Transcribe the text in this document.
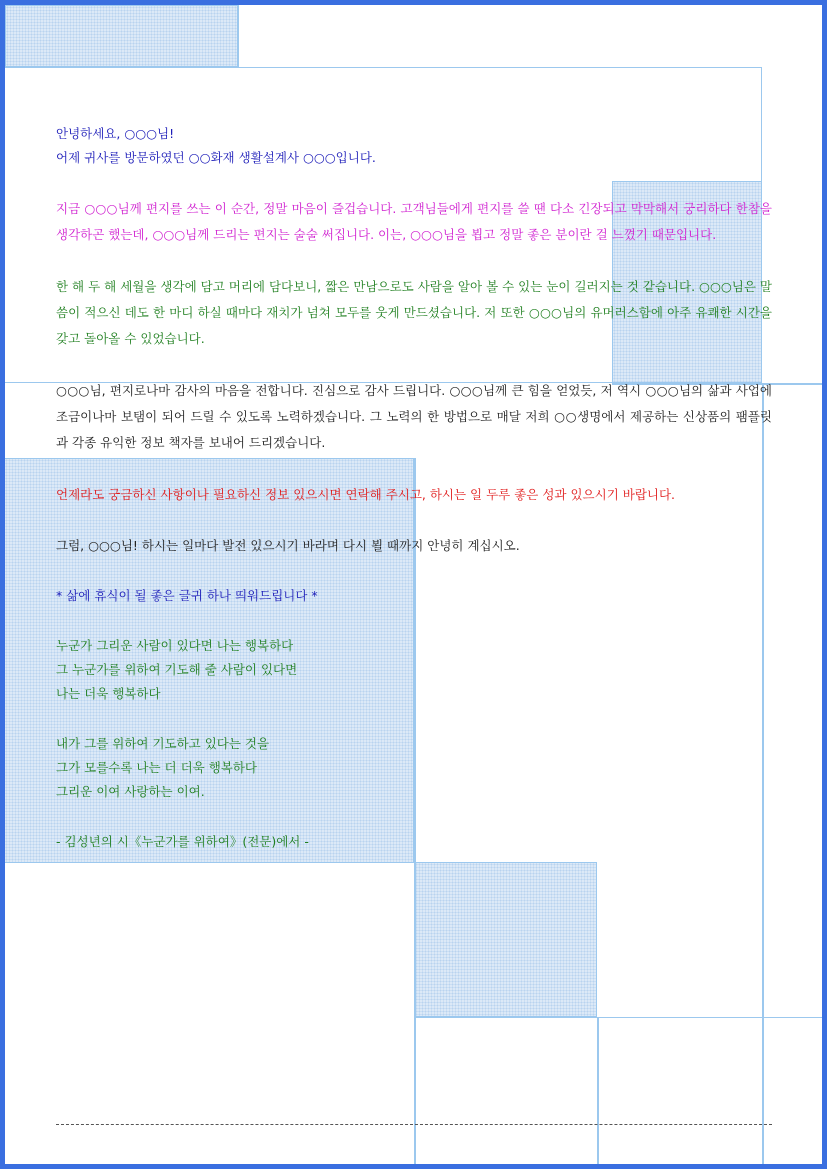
안녕하세요, ○○○님!
어제 귀사를 방문하였던 ○○화재 생활설계사 ○○○입니다.
지금 ○○○님께 편지를 쓰는 이 순간, 정말 마음이 즐겁습니다. 고객님들에게 편지를 쓸 땐 다소 긴장되고 막막해서 궁리하다 한참을 생각하곤 했는데, ○○○님께 드리는 편지는 술술 써집니다. 이는, ○○○님을 뵙고 정말 좋은 분이란 걸 느꼈기 때문입니다.
한 해 두 해 세월을 생각에 담고 머리에 담다보니, 짧은 만남으로도 사람을 알아 볼 수 있는 눈이 길러지는 것 같습니다. ○○○님은 말씀이 적으신 데도 한 마디 하실 때마다 재치가 넘쳐 모두를 웃게 만드셨습니다. 저 또한 ○○○님의 유머러스함에 아주 유쾌한 시간을 갖고 돌아올 수 있었습니다.
○○○님, 편지로나마 감사의 마음을 전합니다. 진심으로 감사 드립니다. ○○○님께 큰 힘을 얻었듯, 저 역시 ○○○님의 삶과 사업에 조금이나마 보탬이 되어 드릴 수 있도록 노력하겠습니다. 그 노력의 한 방법으로 매달 저희 ○○생명에서 제공하는 신상품의 팸플릿과 각종 유익한 정보 책자를 보내어 드리겠습니다.
언제라도 궁금하신 사항이나 필요하신 정보 있으시면 연락해 주시고, 하시는 일 두루 좋은 성과 있으시기 바랍니다.
그럼, ○○○님! 하시는 일마다 발전 있으시기 바라며 다시 뵐 때까지 안녕히 계십시오.
* 삶에 휴식이 될 좋은 글귀 하나 띄워드립니다 *
누군가 그리운 사람이 있다면 나는 행복하다
그 누군가를 위하여 기도해 줄 사람이 있다면
나는 더욱 행복하다
내가 그를 위하여 기도하고 있다는 것을
그가 모를수록 나는 더 더욱 행복하다
그리운 이여 사랑하는 이여.
- 김성년의 시《누군가를 위하여》(전문)에서 -
